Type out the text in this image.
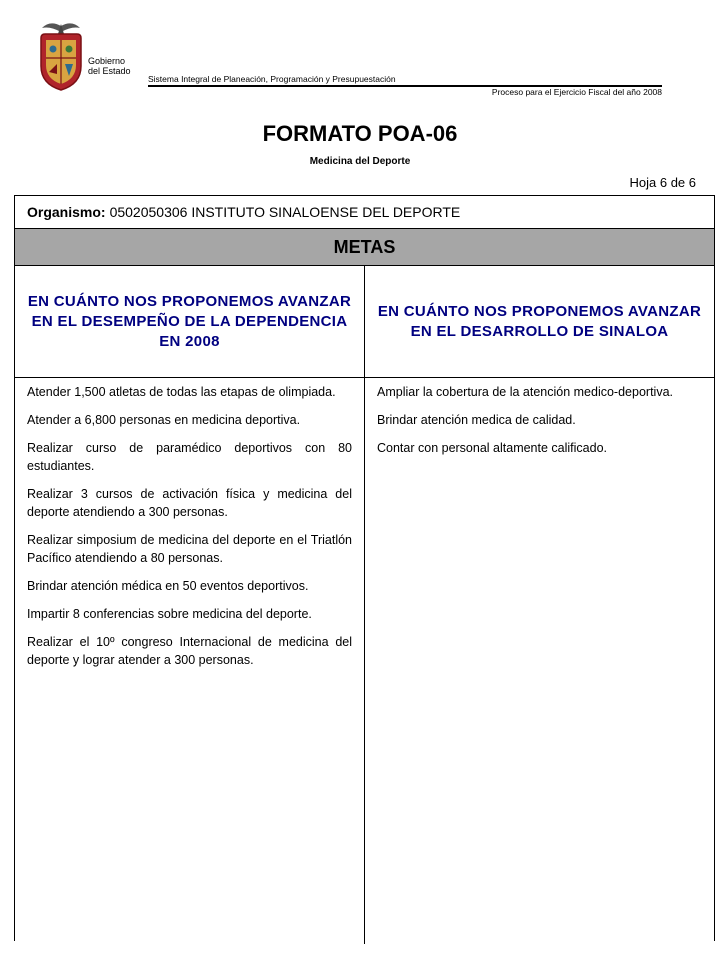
Gobierno
del Estado
Sistema Integral de Planeación, Programación y Presupuestación
Proceso para el Ejercicio Fiscal del año 2008
FORMATO POA-06
Medicina del Deporte
Hoja 6 de 6
Organismo: 0502050306 INSTITUTO SINALOENSE DEL DEPORTE
METAS
EN CUÁNTO NOS PROPONEMOS AVANZAR EN EL DESEMPEÑO DE LA DEPENDENCIA EN 2008
EN CUÁNTO NOS PROPONEMOS AVANZAR EN EL DESARROLLO DE SINALOA

Atender 1,500 atletas de todas las etapas de olimpiada.

Atender a 6,800 personas en medicina deportiva.

Realizar curso de paramédico deportivos con 80 estudiantes.

Realizar 3 cursos de activación física y medicina del deporte atendiendo a 300 personas.

Realizar simposium de medicina del deporte en el Triatlón Pacífico atendiendo a 80 personas.

Brindar atención médica en 50 eventos deportivos.

Impartir 8 conferencias sobre medicina del deporte.

Realizar el 10º congreso Internacional de medicina del deporte y lograr atender a 300 personas.

Ampliar la cobertura de la atención medico-deportiva.

Brindar atención medica de calidad.

Contar con personal altamente calificado.
